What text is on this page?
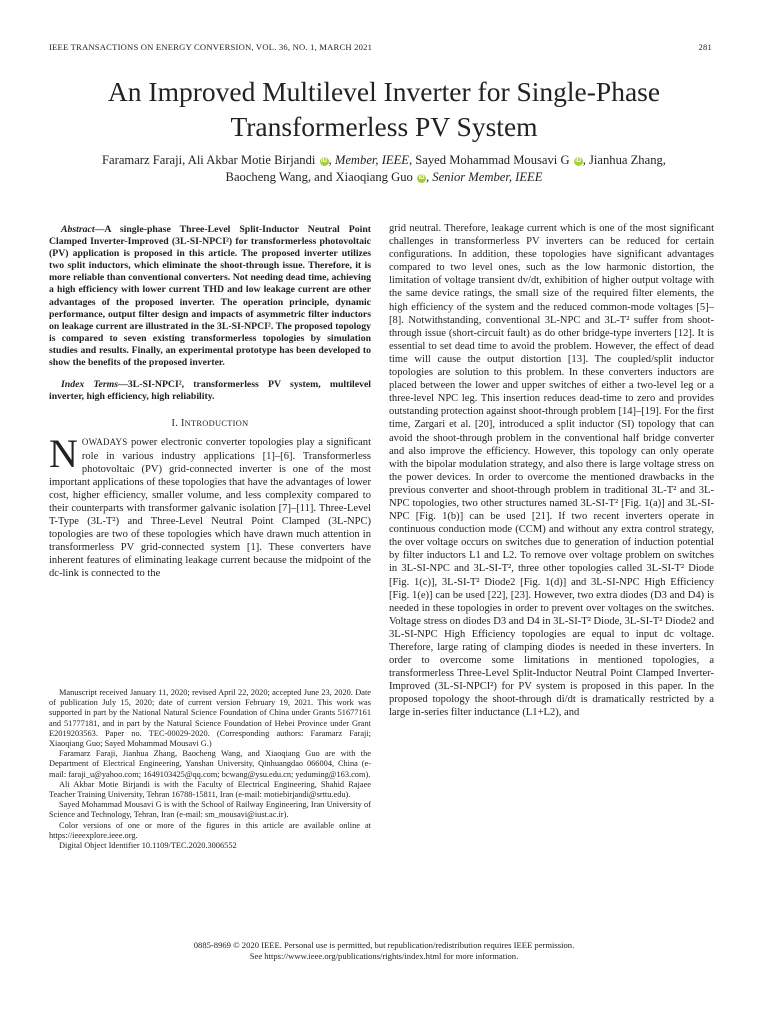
IEEE TRANSACTIONS ON ENERGY CONVERSION, VOL. 36, NO. 1, MARCH 2021	281
An Improved Multilevel Inverter for Single-Phase
Transformerless PV System
Faramarz Faraji, Ali Akbar Motie Birjandi iD , Member, IEEE, Sayed Mohammad Mousavi G iD , Jianhua Zhang,
Baocheng Wang, and Xiaoqiang Guo iD , Senior Member, IEEE

Abstract—A single-phase Three-Level Split-Inductor Neutral Point Clamped Inverter-Improved (3L-SI-NPCI²) for transformerless photovoltaic (PV) application is proposed in this article. The proposed inverter utilizes two split inductors, which eliminate the shoot-through issue. Therefore, it is more reliable than conventional converters. Not needing dead time, achieving a high efficiency with lower current THD and low leakage current are other advantages of the proposed inverter. The operation principle, dynamic performance, output filter design and impacts of asymmetric filter inductors on leakage current are illustrated in the 3L-SI-NPCI². The proposed topology is compared to seven existing transformerless topologies by simulation studies and results. Finally, an experimental prototype has been developed to show the benefits of the proposed inverter.

Index Terms—3L-SI-NPCI², transformerless PV system, multilevel inverter, high efficiency, high reliability.

I. INTRODUCTION

NOWADAYS power electronic converter topologies play a significant role in various industry applications [1]–[6]. Transformerless photovoltaic (PV) grid-connected inverter is one of the most important applications of these topologies that have the advantages of lower cost, higher efficiency, smaller volume, and less complexity compared to their counterparts with transformer galvanic isolation [7]–[11]. Three-Level T-Type (3L-T²) and Three-Level Neutral Point Clamped (3L-NPC) topologies are two of these topologies which have drawn much attention in transformerless PV grid-connected system [1]. These converters have inherent features of eliminating leakage current because the midpoint of the dc-link is connected to the

Manuscript received January 11, 2020; revised April 22, 2020; accepted June 23, 2020. Date of publication July 15, 2020; date of current version February 19, 2021. This work was supported in part by the National Natural Science Foundation of China under Grants 51677161 and 51777181, and in part by the Natural Science Foundation of Hebei Province under Grant E2019203563. Paper no. TEC-00029-2020. (Corresponding authors: Faramarz Faraji; Xiaoqiang Guo; Sayed Mohammad Mousavi G.)

Faramarz Faraji, Jianhua Zhang, Baocheng Wang, and Xiaoqiang Guo are with the Department of Electrical Engineering, Yanshan University, Qinhuangdao 066004, China (e-mail: faraji_u@yahoo.com; 1649103425@qq.com; bcwang@ysu.edu.cn; yeduming@163.com).

Ali Akbar Motie Birjandi is with the Faculty of Electrical Engineering, Shahid Rajaee Teacher Training University, Tehran 16788-15811, Iran (e-mail: motiebirjandi@srttu.edu).

Sayed Mohammad Mousavi G is with the School of Railway Engineering, Iran University of Science and Technology, Tehran, Iran (e-mail: sm_mousavi@iust.ac.ir).

Color versions of one or more of the figures in this article are available online at https://ieeexplore.ieee.org.

Digital Object Identifier 10.1109/TEC.2020.3006552

grid neutral. Therefore, leakage current which is one of the most significant challenges in transformerless PV inverters can be reduced for certain configurations. In addition, these topologies have significant advantages compared to two level ones, such as the low harmonic distortion, the limitation of voltage transient dv/dt, exhibition of higher output voltage with the same device ratings, the small size of the required filter elements, the high efficiency of the system and the reduced common-mode voltages [5]–[8]. Notwithstanding, conventional 3L-NPC and 3L-T² suffer from shoot-through issue (short-circuit fault) as do other bridge-type inverters [12]. It is essential to set dead time to avoid the problem. However, the effect of dead time will cause the output distortion [13]. The coupled/split inductor topologies are solution to this problem. In these converters inductors are placed between the lower and upper switches of either a two-level leg or a three-level NPC leg. This insertion reduces dead-time to zero and provides outstanding protection against shoot-through problem [14]–[19]. For the first time, Zargari et al. [20], introduced a split inductor (SI) topology that can avoid the shoot-through problem in the conventional half bridge converter and also improve the efficiency. However, this topology can only operate with the bipolar modulation strategy, and also there is large voltage stress on the power devices. In order to overcome the mentioned drawbacks in the previous converter and shoot-through problem in traditional 3L-T² and 3L-NPC topologies, two other structures named 3L-SI-T² [Fig. 1(a)] and 3L-SI-NPC [Fig. 1(b)] can be used [21]. If two recent inverters operate in continuous conduction mode (CCM) and without any extra control strategy, the over voltage occurs on switches due to generation of induction potential by filter inductors L1 and L2. To remove over voltage problem on switches in 3L-SI-NPC and 3L-SI-T², three other topologies called 3L-SI-T² Diode [Fig. 1(c)], 3L-SI-T² Diode2 [Fig. 1(d)] and 3L-SI-NPC High Efficiency [Fig. 1(e)] can be used [22], [23]. However, two extra diodes (D3 and D4) is needed in these topologies in order to prevent over voltages on the switches. Voltage stress on diodes D3 and D4 in 3L-SI-T² Diode, 3L-SI-T² Diode2 and 3L-SI-NPC High Efficiency topologies are equal to input dc voltage. Therefore, large rating of clamping diodes is needed in these inverters. In order to overcome some limitations in mentioned topologies, a transformerless Three-Level Split-Inductor Neutral Point Clamped Inverter-Improved (3L-SI-NPCI²) for PV system is proposed in this paper. In the proposed topology the shoot-through di/dt is dramatically restricted by a large in-series filter inductance (L1+L2), and

0885-8969 © 2020 IEEE. Personal use is permitted, but republication/redistribution requires IEEE permission.
See https://www.ieee.org/publications/rights/index.html for more information.
